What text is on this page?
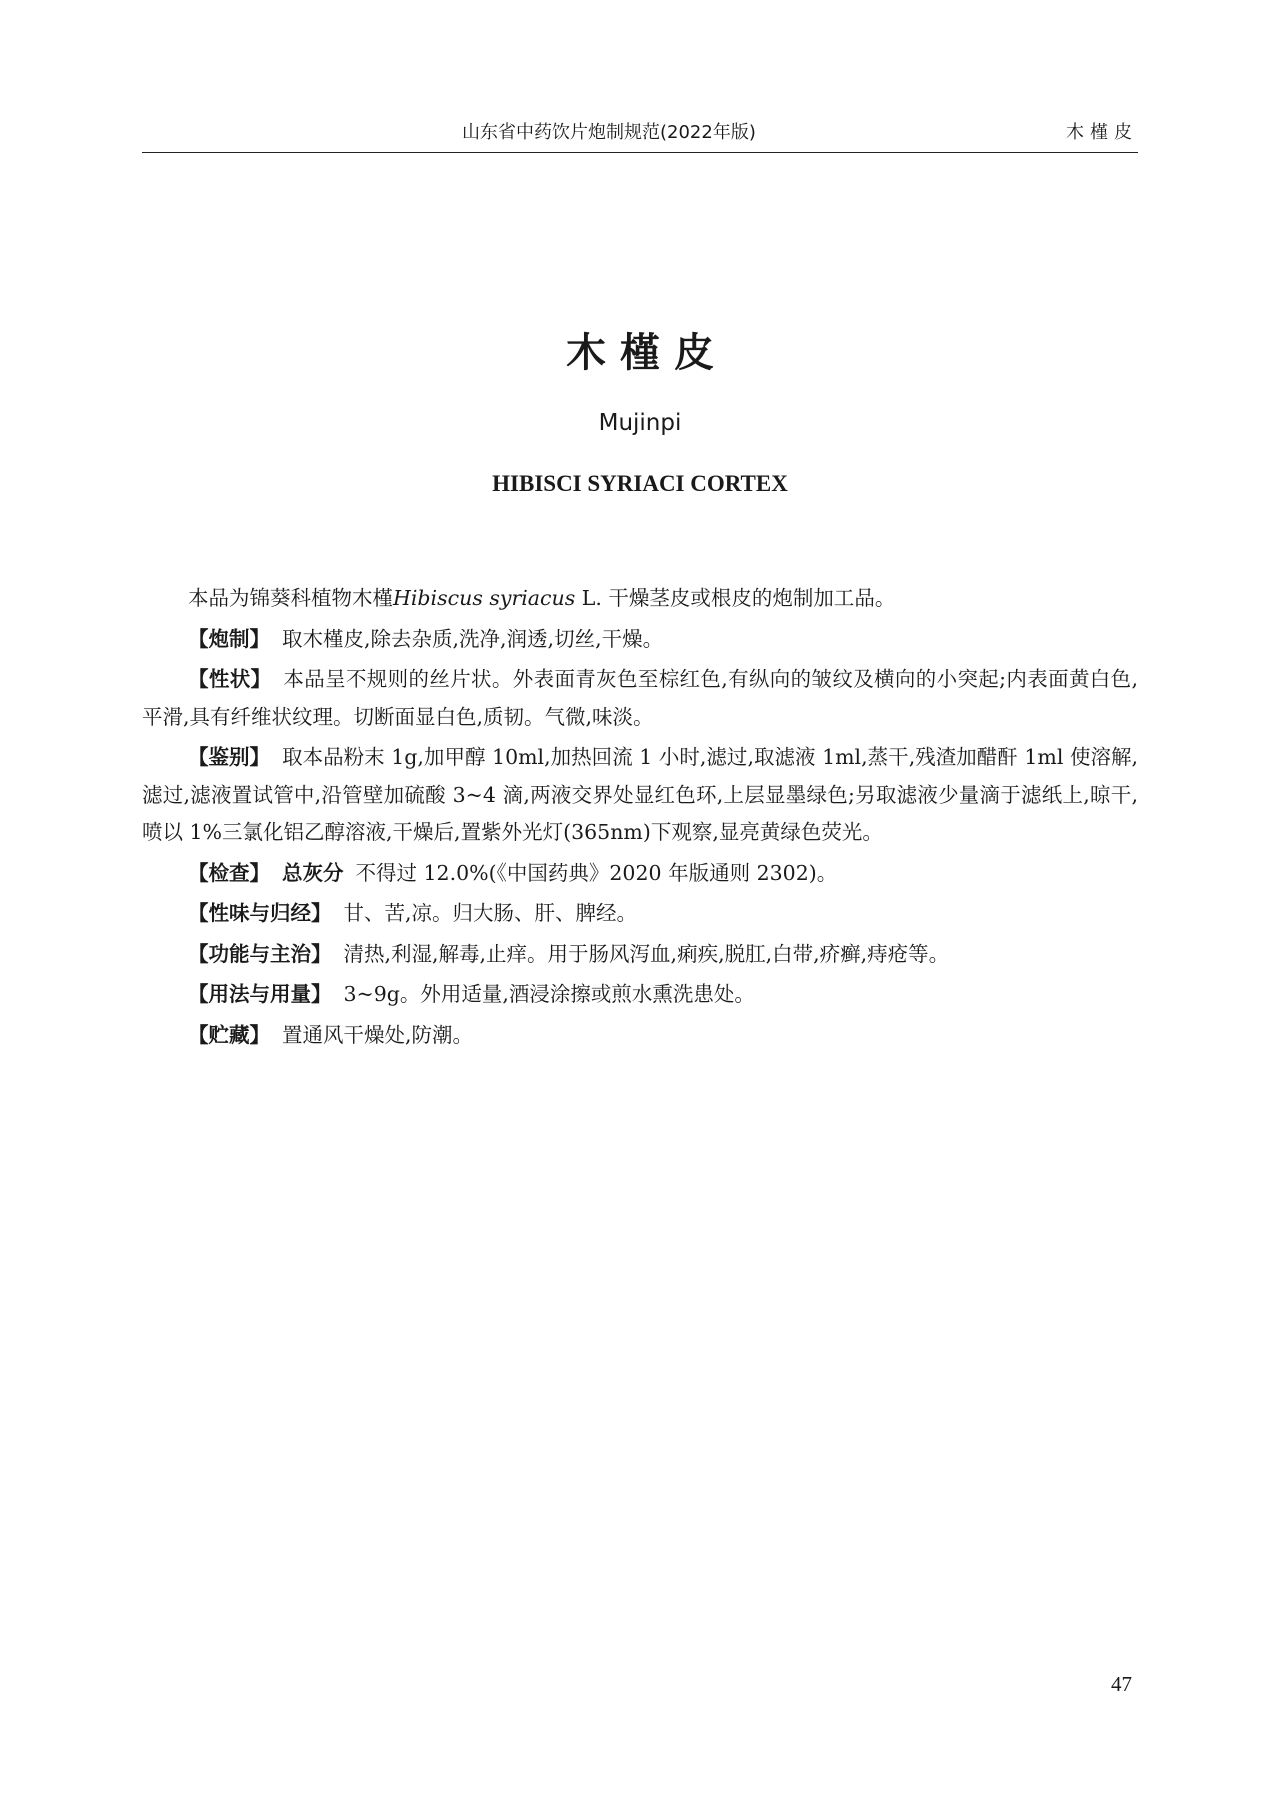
山东省中药饮片炮制规范(2022年版)	木槿皮
木槿皮
Mujinpi
HIBISCI SYRIACI CORTEX

本品为锦葵科植物木槿Hibiscus syriacus L. 干燥茎皮或根皮的炮制加工品。

【炮制】 取木槿皮,除去杂质,洗净,润透,切丝,干燥。

【性状】 本品呈不规则的丝片状。外表面青灰色至棕红色,有纵向的皱纹及横向的小突起;内表面黄白色,平滑,具有纤维状纹理。切断面显白色,质韧。气微,味淡。

【鉴别】 取本品粉末 1g,加甲醇 10ml,加热回流 1 小时,滤过,取滤液 1ml,蒸干,残渣加醋酐 1ml 使溶解,滤过,滤液置试管中,沿管壁加硫酸 3~4 滴,两液交界处显红色环,上层显墨绿色;另取滤液少量滴于滤纸上,晾干,喷以 1%三氯化铝乙醇溶液,干燥后,置紫外光灯(365nm)下观察,显亮黄绿色荧光。

【检查】 总灰分 不得过 12.0%(《中国药典》2020 年版通则 2302)。

【性味与归经】 甘、苦,凉。归大肠、肝、脾经。

【功能与主治】 清热,利湿,解毒,止痒。用于肠风泻血,痢疾,脱肛,白带,疥癣,痔疮等。

【用法与用量】 3~9g。外用适量,酒浸涂擦或煎水熏洗患处。

【贮藏】 置通风干燥处,防潮。

47
